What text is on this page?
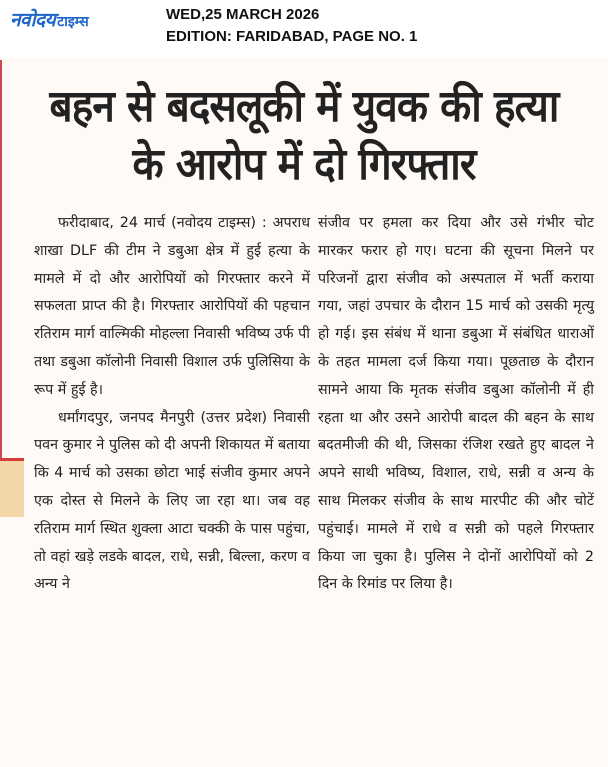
नवोदय टाइम्स	WED,25 MARCH 2026
EDITION: FARIDABAD, PAGE NO. 1
बहन से बदसलूकी में युवक की हत्या
के आरोप में दो गिरफ्तार

फरीदाबाद, 24 मार्च (नवोदय टाइम्स) : अपराध शाखा DLF की टीम ने डबुआ क्षेत्र में हुई हत्या के मामले में दो और आरोपियों को गिरफ्तार करने में सफलता प्राप्त की है। गिरफ्तार आरोपियों की पहचान रतिराम मार्ग वाल्मिकी मोहल्ला निवासी भविष्य उर्फ पी तथा डबुआ कॉलोनी निवासी विशाल उर्फ पुलिसिया के रूप में हुई है।

धर्मांगदपुर, जनपद मैनपुरी (उत्तर प्रदेश) निवासी पवन कुमार ने पुलिस को दी अपनी शिकायत में बताया कि 4 मार्च को उसका छोटा भाई संजीव कुमार अपने एक दोस्त से मिलने के लिए जा रहा था। जब वह रतिराम मार्ग स्थित शुक्ला आटा चक्की के पास पहुंचा, तो वहां खड़े लडके बादल, राधे, सन्नी, बिल्ला, करण व अन्य ने

संजीव पर हमला कर दिया और उसे गंभीर चोट मारकर फरार हो गए। घटना की सूचना मिलने पर परिजनों द्वारा संजीव को अस्पताल में भर्ती कराया गया, जहां उपचार के दौरान 15 मार्च को उसकी मृत्यु हो गई। इस संबंध में थाना डबुआ में संबंधित धाराओं के तहत मामला दर्ज किया गया। पूछताछ के दौरान सामने आया कि मृतक संजीव डबुआ कॉलोनी में ही रहता था और उसने आरोपी बादल की बहन के साथ बदतमीजी की थी, जिसका रंजिश रखते हुए बादल ने अपने साथी भविष्य, विशाल, राधे, सन्नी व अन्य के साथ मिलकर संजीव के साथ मारपीट की और चोटें पहुंचाई। मामले में राधे व सन्नी को पहले गिरफ्तार किया जा चुका है। पुलिस ने दोनों आरोपियों को 2 दिन के रिमांड पर लिया है।
